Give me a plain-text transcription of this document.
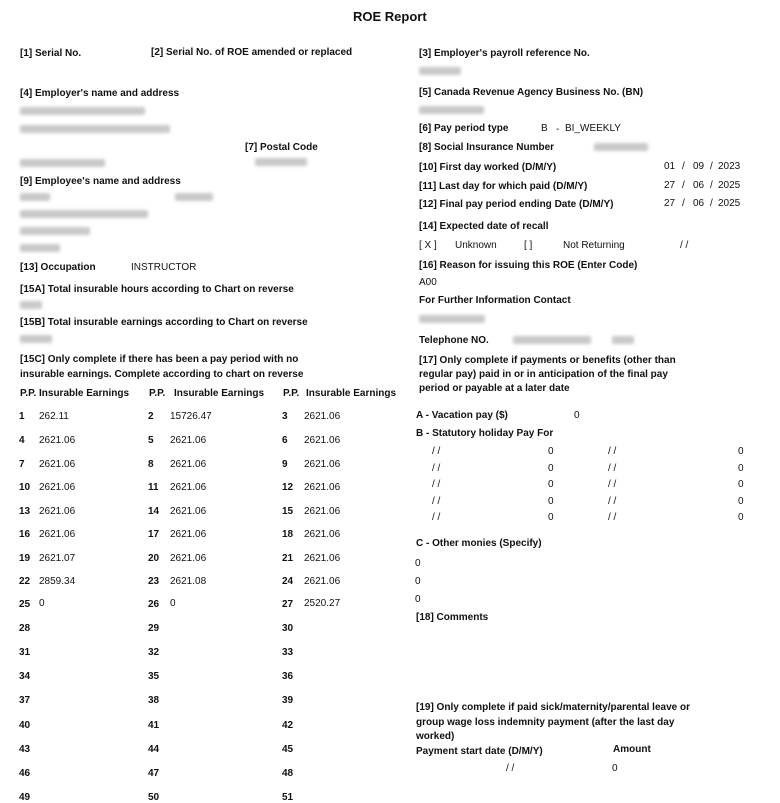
ROE Report
[1] Serial No.	[2] Serial No. of ROE amended or replaced
[4] Employer's name and address
[7] Postal Code
[9] Employee's name and address
[13] Occupation	INSTRUCTOR
[15A] Total insurable hours according to Chart on reverse
[15B] Total insurable earnings according to Chart on reverse
[15C] Only complete if there has been a pay period with no
insurable earnings. Complete according to chart on reverse
P.P. Insurable Earnings P.P. Insurable Earnings P.P. Insurable Earnings
1 262.11	2 15726.47	3 2621.06
4 2621.06	5 2621.06	6 2621.06
7 2621.06	8 2621.06	9 2621.06
10 2621.06	11 2621.06	12 2621.06
13 2621.06	14 2621.06	15 2621.06
16 2621.06	17 2621.06	18 2621.06
19 2621.07	20 2621.06	21 2621.06
22 2859.34	23 2621.08	24 2621.06
25 0	26 0	27 2520.27
28	29	30
31	32	33
34	35	36
37	38	39
40	41	42
43	44	45
46	47	48
49	50	51
[3] Employer's payroll reference No.
[5] Canada Revenue Agency Business No. (BN)
[6] Pay period type	B - BI_WEEKLY
[8] Social Insurance Number
[10] First day worked (D/M/Y)	01 / 09 / 2023
[11] Last day for which paid (D/M/Y)	27 / 06 / 2025
[12] Final pay period ending Date (D/M/Y)	27 / 06 / 2025
[14] Expected date of recall
[ X ] Unknown	[ ]	Not Returning	/ /
[16] Reason for issuing this ROE (Enter Code)
A00
For Further Information Contact
Telephone NO.
[17] Only complete if payments or benefits (other than
regular pay) paid in or in anticipation of the final pay
period or payable at a later date
A - Vacation pay ($)	0
B - Statutory holiday Pay For
/ /	0	/ /	0
/ /	0	/ /	0
/ /	0	/ /	0
/ /	0	/ /	0
/ /	0	/ /	0
C - Other monies (Specify)
0
0
0
[18] Comments
[19] Only complete if paid sick/maternity/parental leave or
group wage loss indemnity payment (after the last day
worked)
Payment start date (D/M/Y)	Amount
/ /	0
